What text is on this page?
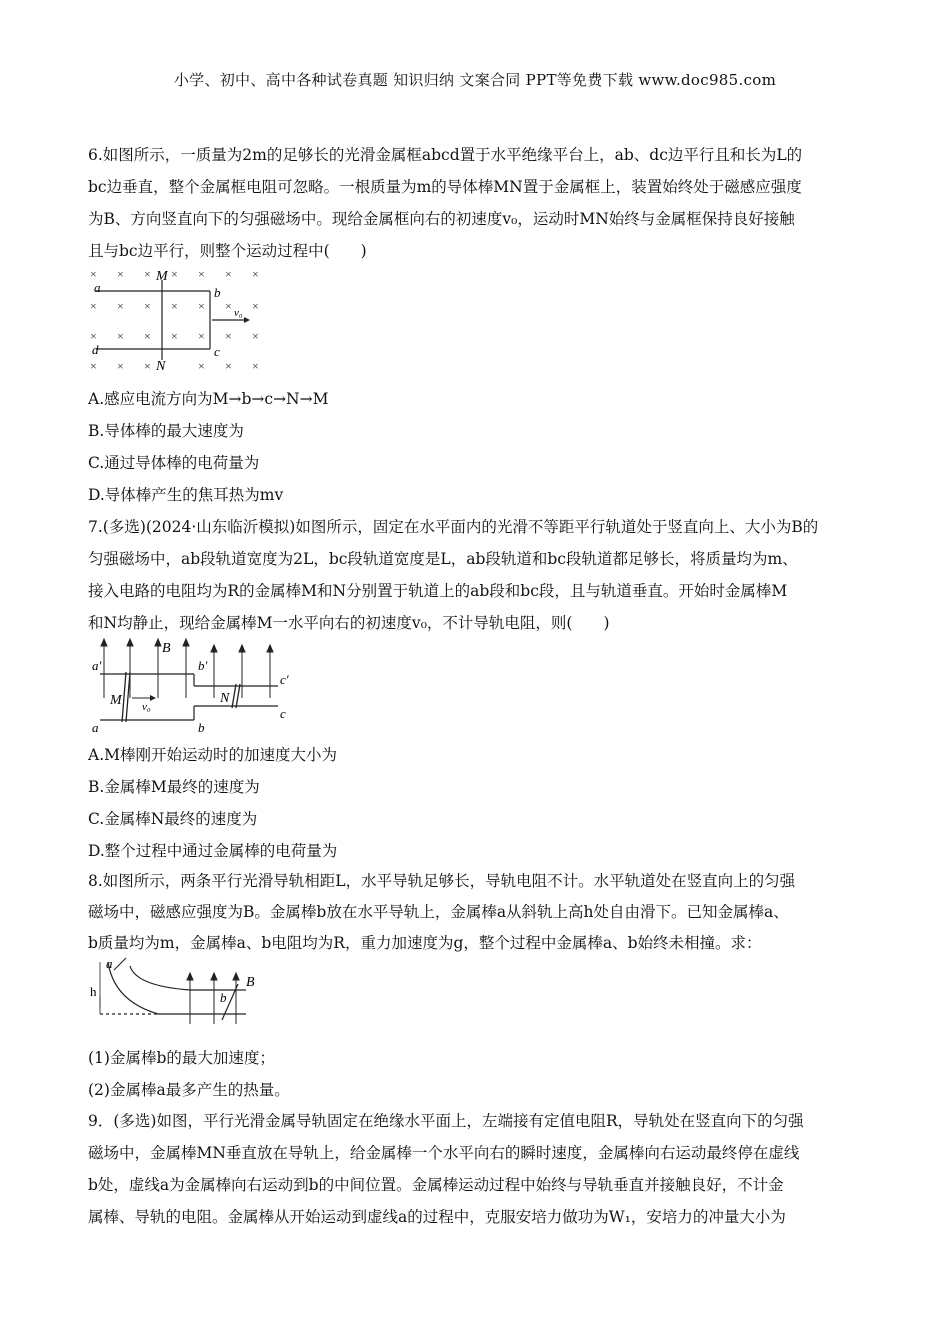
小学、初中、高中各种试卷真题 知识归纳 文案合同 PPT等免费下载 www.doc985.com
6.如图所示，一质量为2m的足够长的光滑金属框abcd置于水平绝缘平台上，ab、dc边平行且和长为L的
bc边垂直，整个金属框电阻可忽略。一根质量为m的导体棒MN置于金属框上，装置始终处于磁感应强度
为B、方向竖直向下的匀强磁场中。现给金属框向右的初速度v₀，运动时MN始终与金属框保持良好接触
且与bc边平行，则整个运动过程中(　　)
× × × × × × ×
× × × × × × ×
× × × × × × ×
× × ×	× × ×
a	b
c
d
M
N
v₀
A.感应电流方向为M→b→c→N→M
B.导体棒的最大速度为
C.通过导体棒的电荷量为
D.导体棒产生的焦耳热为mv
7.(多选)(2024·山东临沂模拟)如图所示，固定在水平面内的光滑不等距平行轨道处于竖直向上、大小为B的
匀强磁场中，ab段轨道宽度为2L，bc段轨道宽度是L，ab段轨道和bc段轨道都足够长，将质量均为m、
接入电路的电阻均为R的金属棒M和N分别置于轨道上的ab段和bc段，且与轨道垂直。开始时金属棒M
和N均静止，现给金属棒M一水平向右的初速度v₀，不计导轨电阻，则(　　)
a′	b′
c′
a	b
c
B
M	N
v₀
A.M棒刚开始运动时的加速度大小为
B.金属棒M最终的速度为
C.金属棒N最终的速度为
D.整个过程中通过金属棒的电荷量为
8.如图所示，两条平行光滑导轨相距L，水平导轨足够长，导轨电阻不计。水平轨道处在竖直向上的匀强
磁场中，磁感应强度为B。金属棒b放在水平导轨上，金属棒a从斜轨上高h处自由滑下。已知金属棒a、
b质量均为m，金属棒a、b电阻均为R，重力加速度为g，整个过程中金属棒a、b始终未相撞。求：
a
h	b
B
(1)金属棒b的最大加速度；
(2)金属棒a最多产生的热量。
9．(多选)如图，平行光滑金属导轨固定在绝缘水平面上，左端接有定值电阻R，导轨处在竖直向下的匀强
磁场中，金属棒MN垂直放在导轨上，给金属棒一个水平向右的瞬时速度，金属棒向右运动最终停在虚线
b处，虚线a为金属棒向右运动到b的中间位置。金属棒运动过程中始终与导轨垂直并接触良好，不计金
属棒、导轨的电阻。金属棒从开始运动到虚线a的过程中，克服安培力做功为W₁，安培力的冲量大小为
